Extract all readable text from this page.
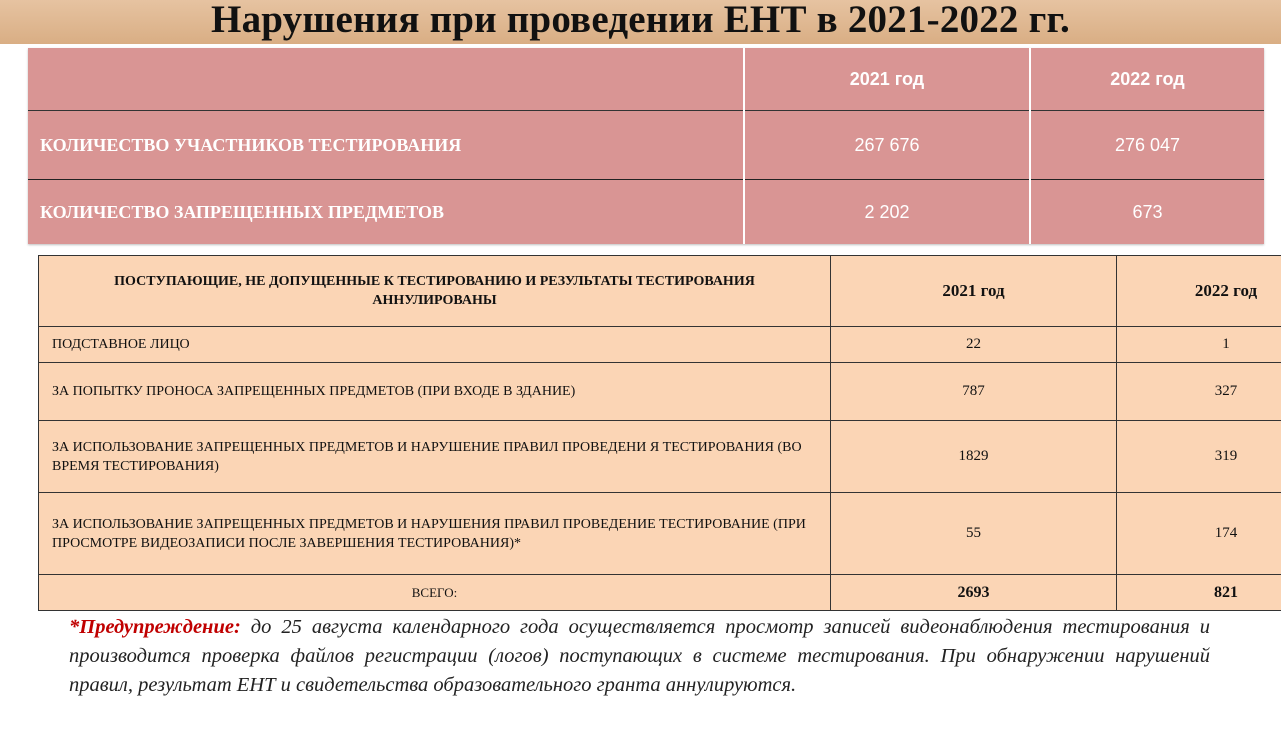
Нарушения при проведении ЕНТ в 2021-2022 гг.
	2021 год	2022 год
КОЛИЧЕСТВО УЧАСТНИКОВ ТЕСТИРОВАНИЯ	267 676	276 047
КОЛИЧЕСТВО ЗАПРЕЩЕННЫХ ПРЕДМЕТОВ	2 202	673
ПОСТУПАЮЩИЕ, НЕ ДОПУЩЕННЫЕ К ТЕСТИРОВАНИЮ И РЕЗУЛЬТАТЫ ТЕСТИРОВАНИЯ АННУЛИРОВАНЫ	2021 год	2022 год
ПОДСТАВНОЕ ЛИЦО	22	1
ЗА ПОПЫТКУ ПРОНОСА ЗАПРЕЩЕННЫХ ПРЕДМЕТОВ (ПРИ ВХОДЕ В ЗДАНИЕ)	787	327
ЗА ИСПОЛЬЗОВАНИЕ ЗАПРЕЩЕННЫХ ПРЕДМЕТОВ И НАРУШЕНИЕ ПРАВИЛ ПРОВЕДЕНИ Я ТЕСТИРОВАНИЯ (ВО ВРЕМЯ ТЕСТИРОВАНИЯ)	1829	319
ЗА ИСПОЛЬЗОВАНИЕ ЗАПРЕЩЕННЫХ ПРЕДМЕТОВ И НАРУШЕНИЯ ПРАВИЛ ПРОВЕДЕНИЕ ТЕСТИРОВАНИЕ (ПРИ ПРОСМОТРЕ ВИДЕОЗАПИСИ ПОСЛЕ ЗАВЕРШЕНИЯ ТЕСТИРОВАНИЯ)*	55	174
ВСЕГО:	2693	821
*Предупреждение: до 25 августа календарного года осуществляется просмотр записей видеонаблюдения тестирования и производится проверка файлов регистрации (логов) поступающих в системе тестирования. При обнаружении нарушений правил, результат ЕНТ и свидетельства образовательного гранта аннулируются.
